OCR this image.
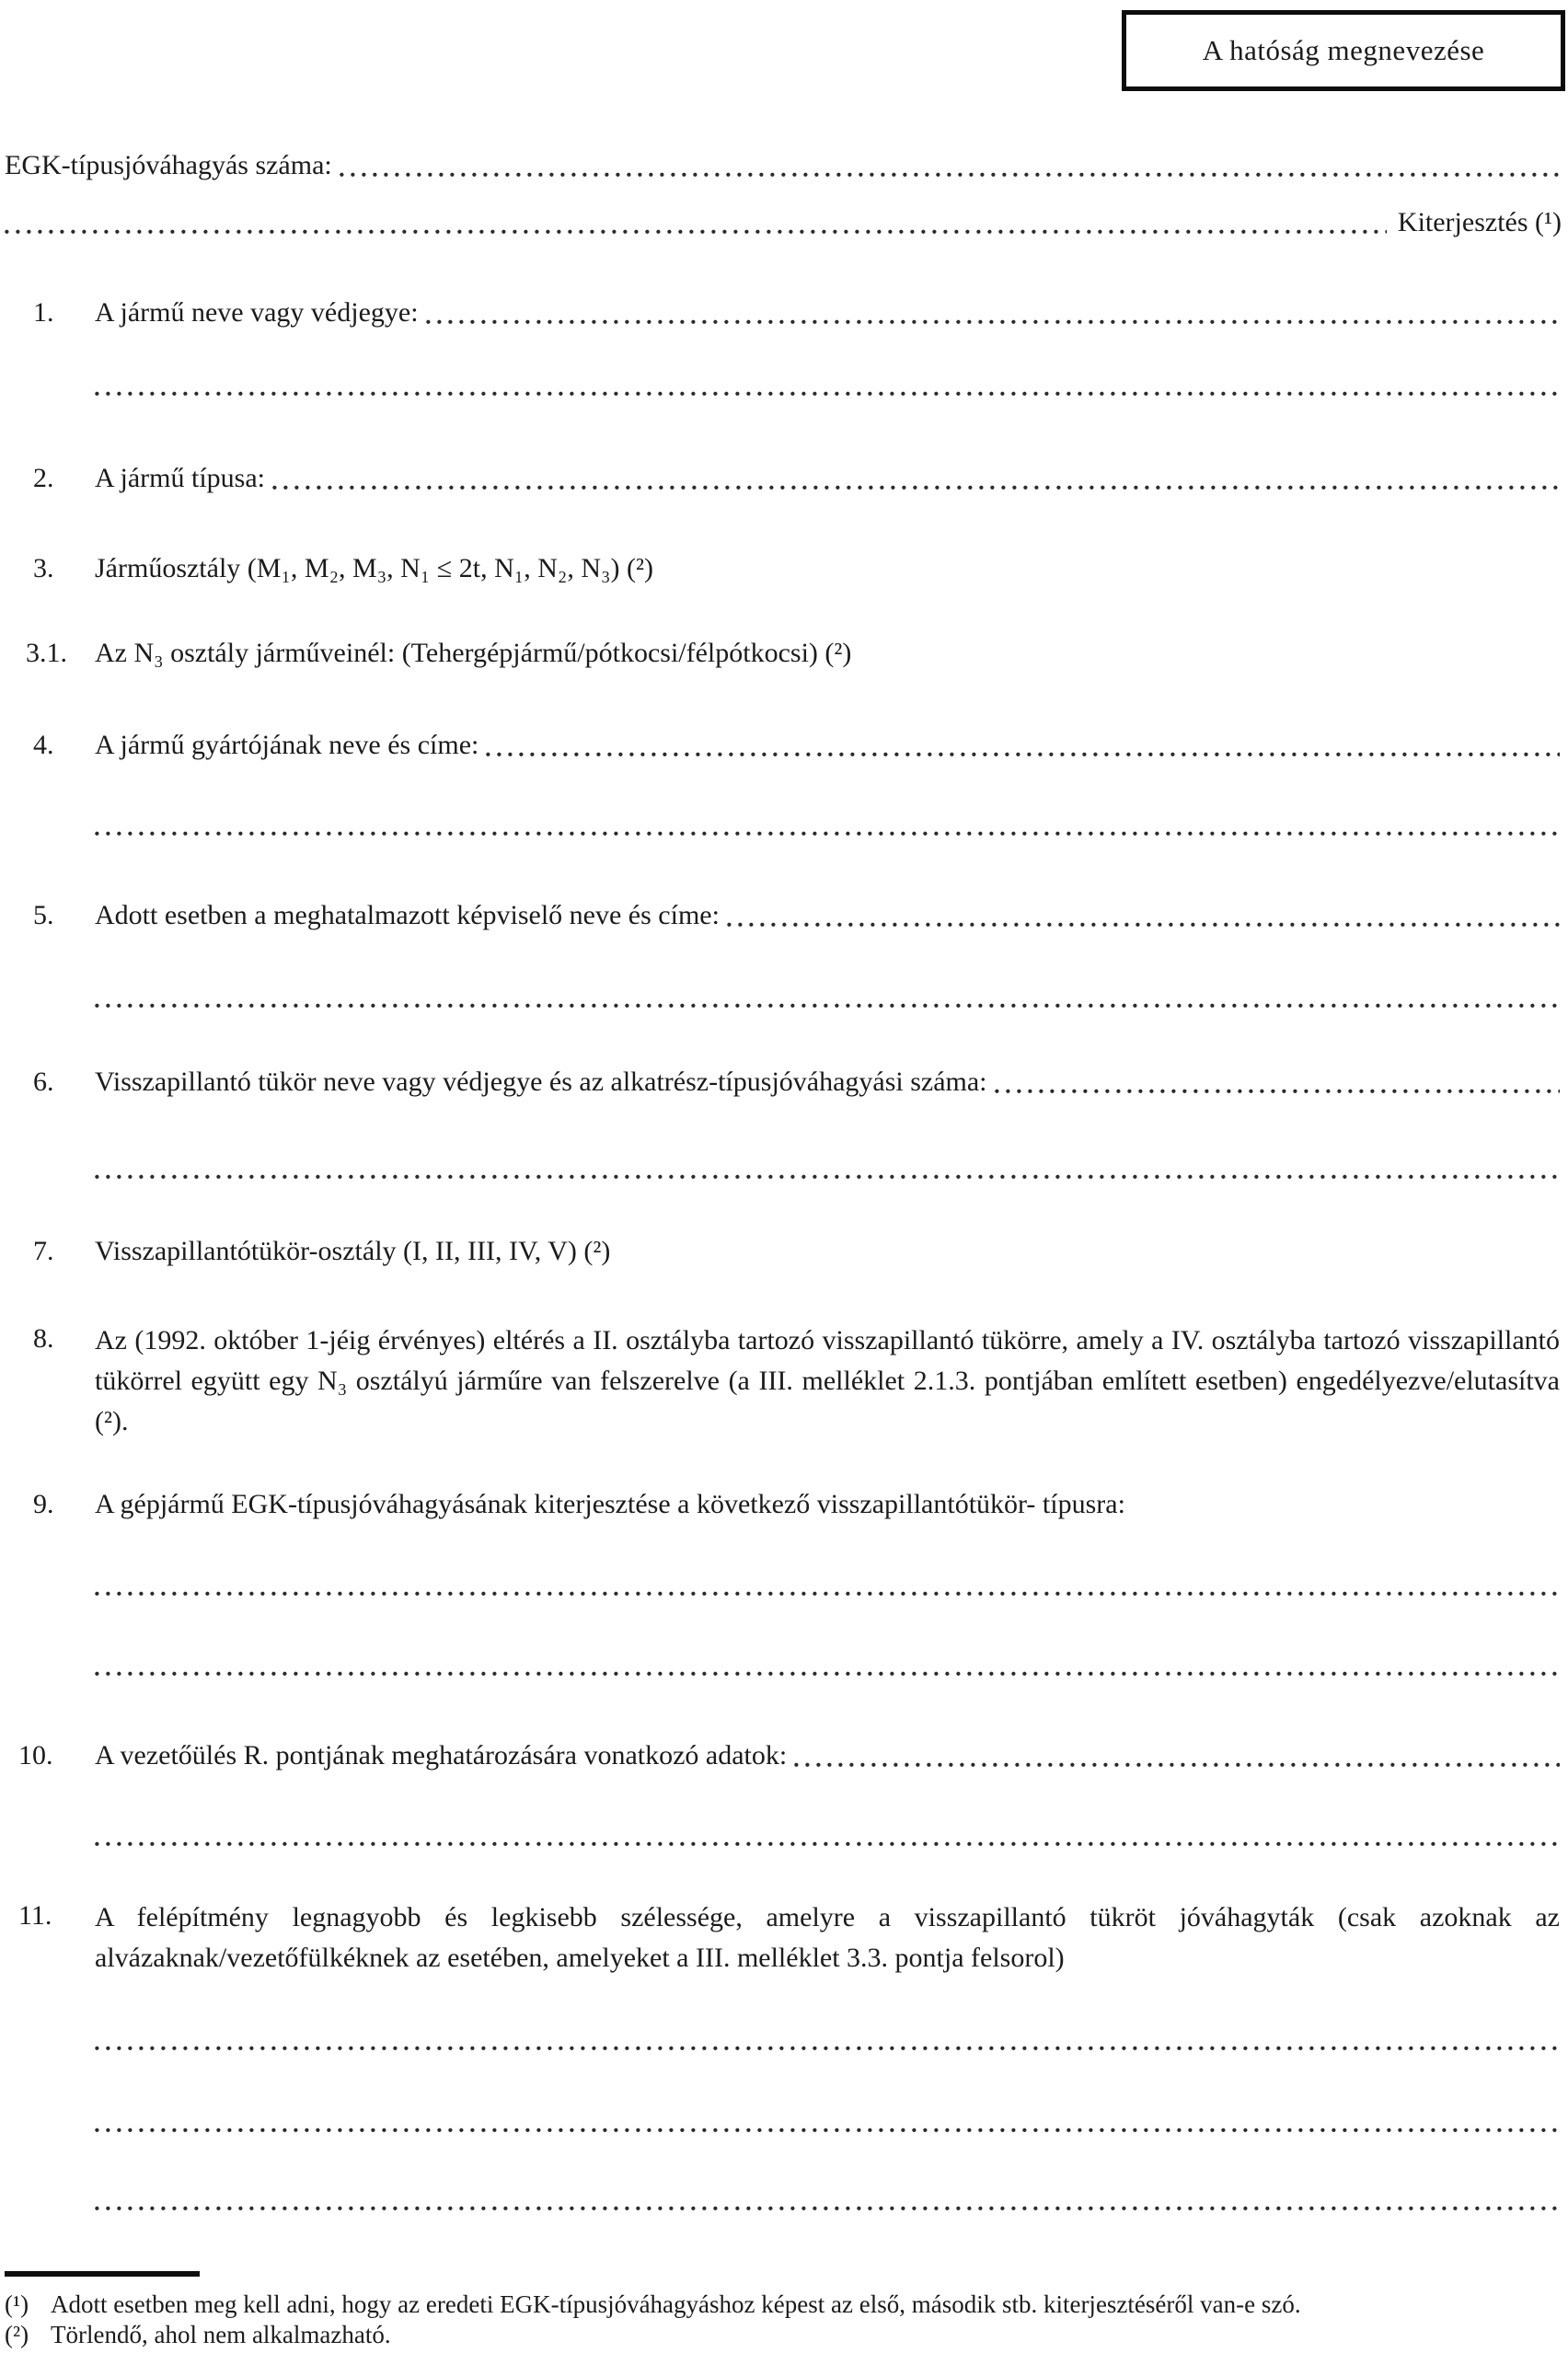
A hatóság megnevezése
EGK-típusjóváhagyás száma:
Kiterjesztés (¹)
1.	A jármű neve vagy védjegye:
2.	A jármű típusa:
3.	Járműosztály (M₁, M₂, M₃, N₁ ≤ 2t, N₁, N₂, N₃) (²)
3.1.	Az N₃ osztály járműveinél: (Tehergépjármű/pótkocsi/félpótkocsi) (²)
4.	A jármű gyártójának neve és címe:
5.	Adott esetben a meghatalmazott képviselő neve és címe:
6.	Visszapillantó tükör neve vagy védjegye és az alkatrész-típusjóváhagyási száma:
7.	Visszapillantótükör-osztály (I, II, III, IV, V) (²)
8.	Az (1992. október 1-jéig érvényes) eltérés a II. osztályba tartozó visszapillantó tükörre, amely a IV. osztályba tartozó visszapillantó tükörrel együtt egy N₃ osztályú járműre van felszerelve (a III. melléklet 2.1.3. pontjában említett esetben) engedélyezve/elutasítva (²).
9.	A gépjármű EGK-típusjóváhagyásának kiterjesztése a következő visszapillantótükör- típusra:
10.	A vezetőülés R. pontjának meghatározására vonatkozó adatok:
11.	A felépítmény legnagyobb és legkisebb szélessége, amelyre a visszapillantó tükröt jóváhagyták (csak azoknak az alvázaknak/vezetőfülkéknek az esetében, amelyeket a III. melléklet 3.3. pontja felsorol)
(¹) Adott esetben meg kell adni, hogy az eredeti EGK-típusjóváhagyáshoz képest az első, második stb. kiterjesztéséről van-e szó.
(²) Törlendő, ahol nem alkalmazható.
